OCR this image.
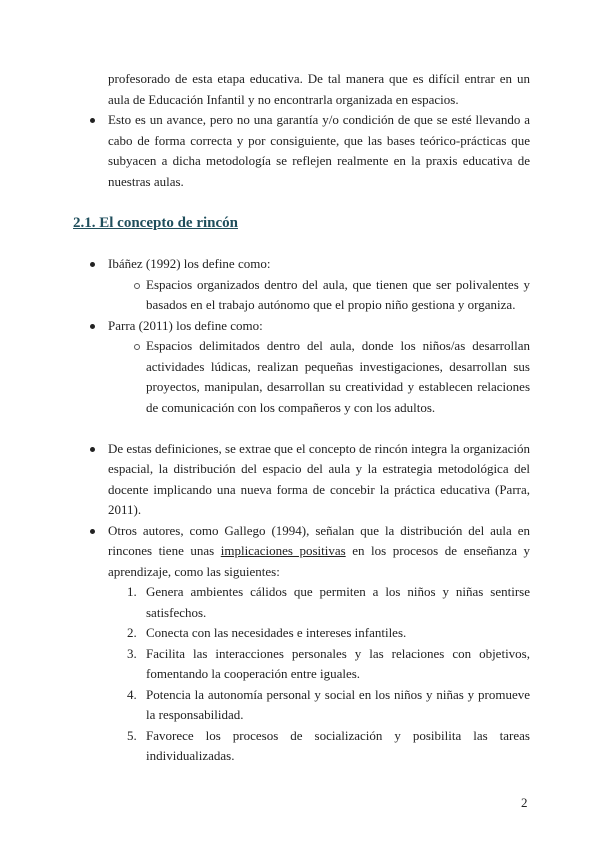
profesorado de esta etapa educativa. De tal manera que es difícil entrar en un aula de Educación Infantil y no encontrarla organizada en espacios.
Esto es un avance, pero no una garantía y/o condición de que se esté llevando a cabo de forma correcta y por consiguiente, que las bases teórico-prácticas que subyacen a dicha metodología se reflejen realmente en la praxis educativa de nuestras aulas.
2.1. El concepto de rincón
Ibáñez (1992) los define como:
Espacios organizados dentro del aula, que tienen que ser polivalentes y basados en el trabajo autónomo que el propio niño gestiona y organiza.
Parra (2011) los define como:
Espacios delimitados dentro del aula, donde los niños/as desarrollan actividades lúdicas, realizan pequeñas investigaciones, desarrollan sus proyectos, manipulan, desarrollan su creatividad y establecen relaciones de comunicación con los compañeros y con los adultos.
De estas definiciones, se extrae que el concepto de rincón integra la organización espacial, la distribución del espacio del aula y la estrategia metodológica del docente implicando una nueva forma de concebir la práctica educativa (Parra, 2011).
Otros autores, como Gallego (1994), señalan que la distribución del aula en rincones tiene unas implicaciones positivas en los procesos de enseñanza y aprendizaje, como las siguientes:
1. Genera ambientes cálidos que permiten a los niños y niñas sentirse satisfechos.
2. Conecta con las necesidades e intereses infantiles.
3. Facilita las interacciones personales y las relaciones con objetivos, fomentando la cooperación entre iguales.
4. Potencia la autonomía personal y social en los niños y niñas y promueve la responsabilidad.
5. Favorece los procesos de socialización y posibilita las tareas individualizadas.
2
